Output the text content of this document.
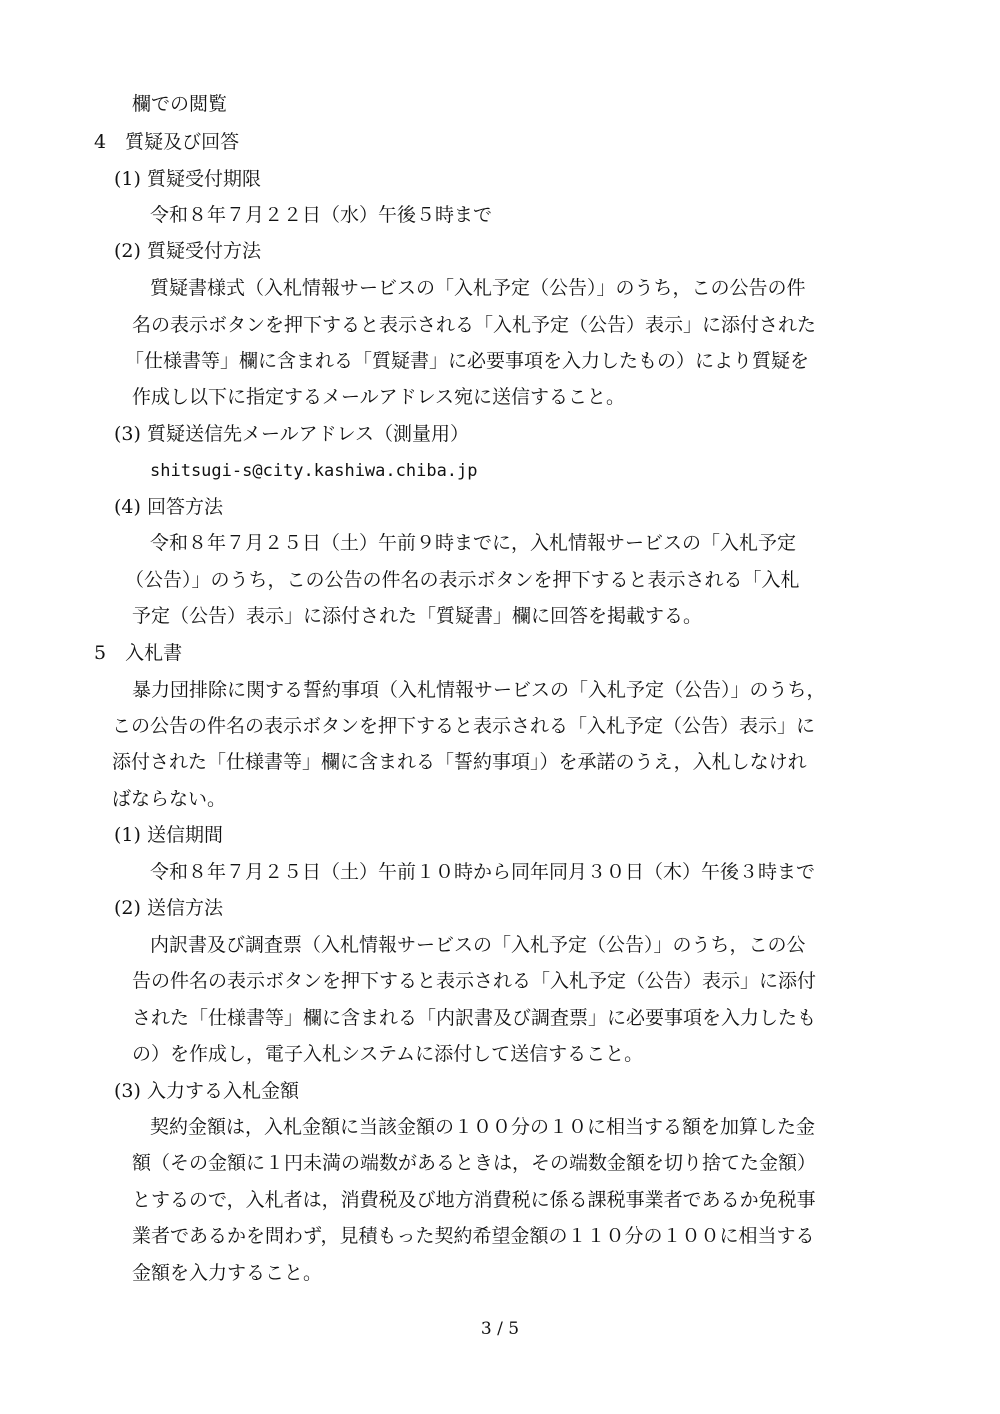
欄での閲覧
4　質疑及び回答
(1) 質疑受付期限
令和８年７月２２日（水）午後５時まで
(2) 質疑受付方法
質疑書様式（入札情報サービスの「入札予定（公告）」のうち，この公告の件
名の表示ボタンを押下すると表示される「入札予定（公告）表示」に添付された
「仕様書等」欄に含まれる「質疑書」に必要事項を入力したもの）により質疑を
作成し以下に指定するメールアドレス宛に送信すること。
(3) 質疑送信先メールアドレス（測量用）
shitsugi-s@city.kashiwa.chiba.jp
(4) 回答方法
令和８年７月２５日（土）午前９時までに，入札情報サービスの「入札予定
（公告）」のうち，この公告の件名の表示ボタンを押下すると表示される「入札
予定（公告）表示」に添付された「質疑書」欄に回答を掲載する。
5　入札書
暴力団排除に関する誓約事項（入札情報サービスの「入札予定（公告）」のうち，
この公告の件名の表示ボタンを押下すると表示される「入札予定（公告）表示」に
添付された「仕様書等」欄に含まれる「誓約事項」）を承諾のうえ，入札しなけれ
ばならない。
(1) 送信期間
令和８年７月２５日（土）午前１０時から同年同月３０日（木）午後３時まで
(2) 送信方法
内訳書及び調査票（入札情報サービスの「入札予定（公告）」のうち，この公
告の件名の表示ボタンを押下すると表示される「入札予定（公告）表示」に添付
された「仕様書等」欄に含まれる「内訳書及び調査票」に必要事項を入力したも
の）を作成し，電子入札システムに添付して送信すること。
(3) 入力する入札金額
契約金額は，入札金額に当該金額の１００分の１０に相当する額を加算した金
額（その金額に１円未満の端数があるときは，その端数金額を切り捨てた金額）
とするので，入札者は，消費税及び地方消費税に係る課税事業者であるか免税事
業者であるかを問わず，見積もった契約希望金額の１１０分の１００に相当する
金額を入力すること。
3 / 5
